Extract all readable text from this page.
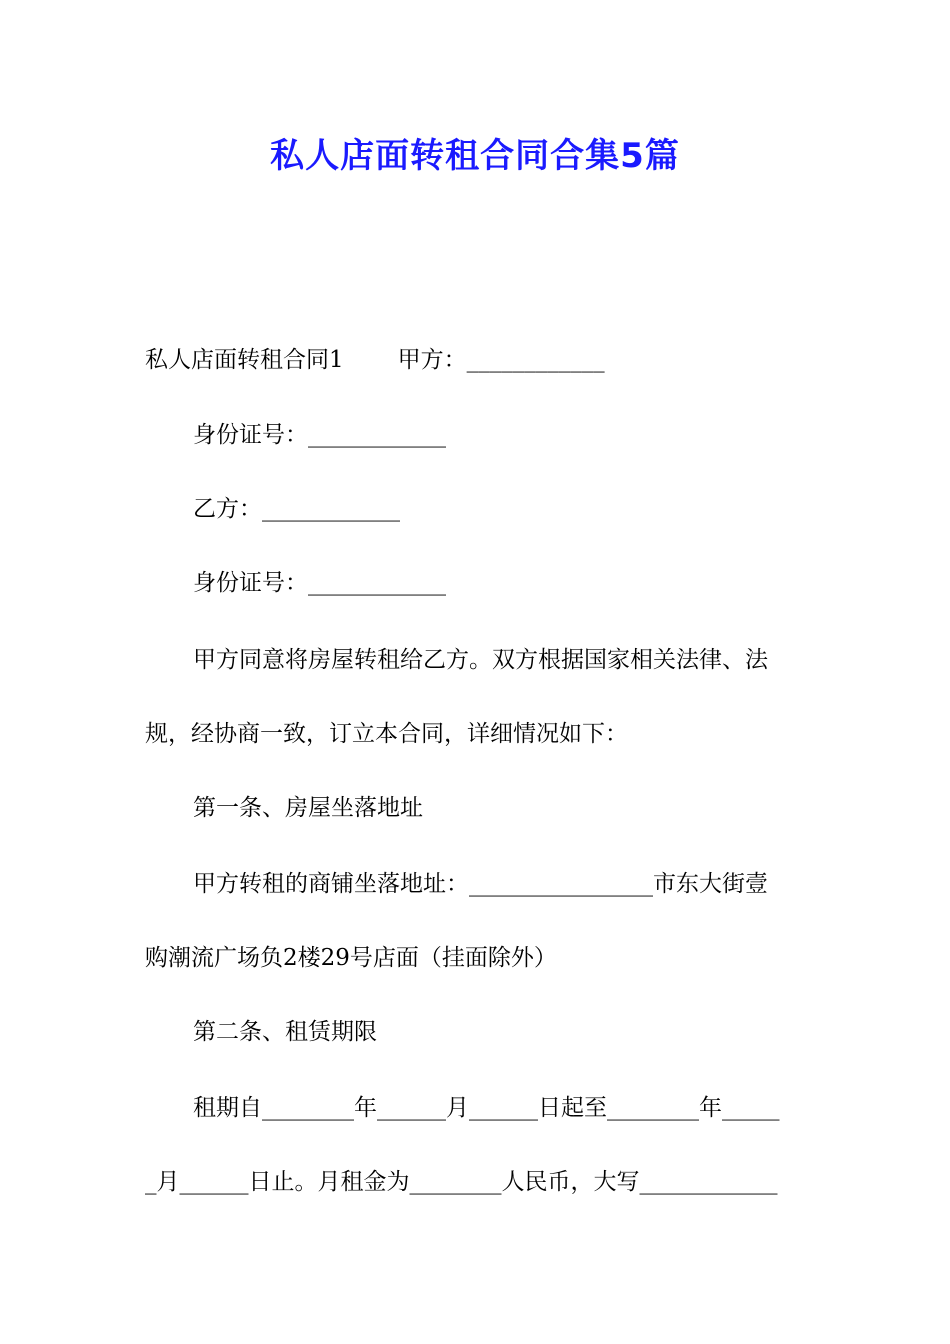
私人店面转租合同合集5篇
私人店面转租合同1 甲方：____________
身份证号：____________
乙方：____________
身份证号：____________
甲方同意将房屋转租给乙方。双方根据国家相关法律、法
规，经协商一致，订立本合同，详细情况如下：
第一条、房屋坐落地址
甲方转租的商铺坐落地址：________________市东大街壹
购潮流广场负2楼29号店面（挂面除外）
第二条、租赁期限
租期自________年______月______日起至________年_____
_月______日止。月租金为________人民币，大写____________
